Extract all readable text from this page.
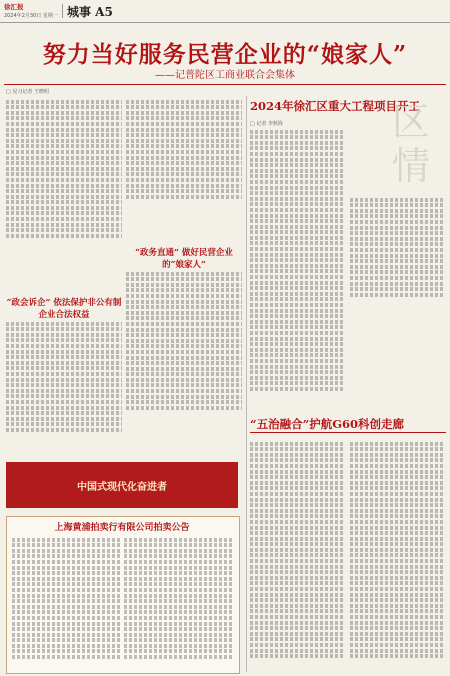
徐汇报
2024年2月30日 星期一 城事 A5
努力当好服务民营企业的“娘家人”
——记普陀区工商业联合会集体
□ 见习记者 王晓明
“政会诉企” 依法保护非公有制企业合法权益
“政务直通” 做好民营企业的“娘家人”
2024年徐汇区重大工程项目开工
区情
□ 记者 李秋海
“五治融合”护航G60科创走廊
中国式现代化奋进者
上海黄浦拍卖行有限公司拍卖公告
